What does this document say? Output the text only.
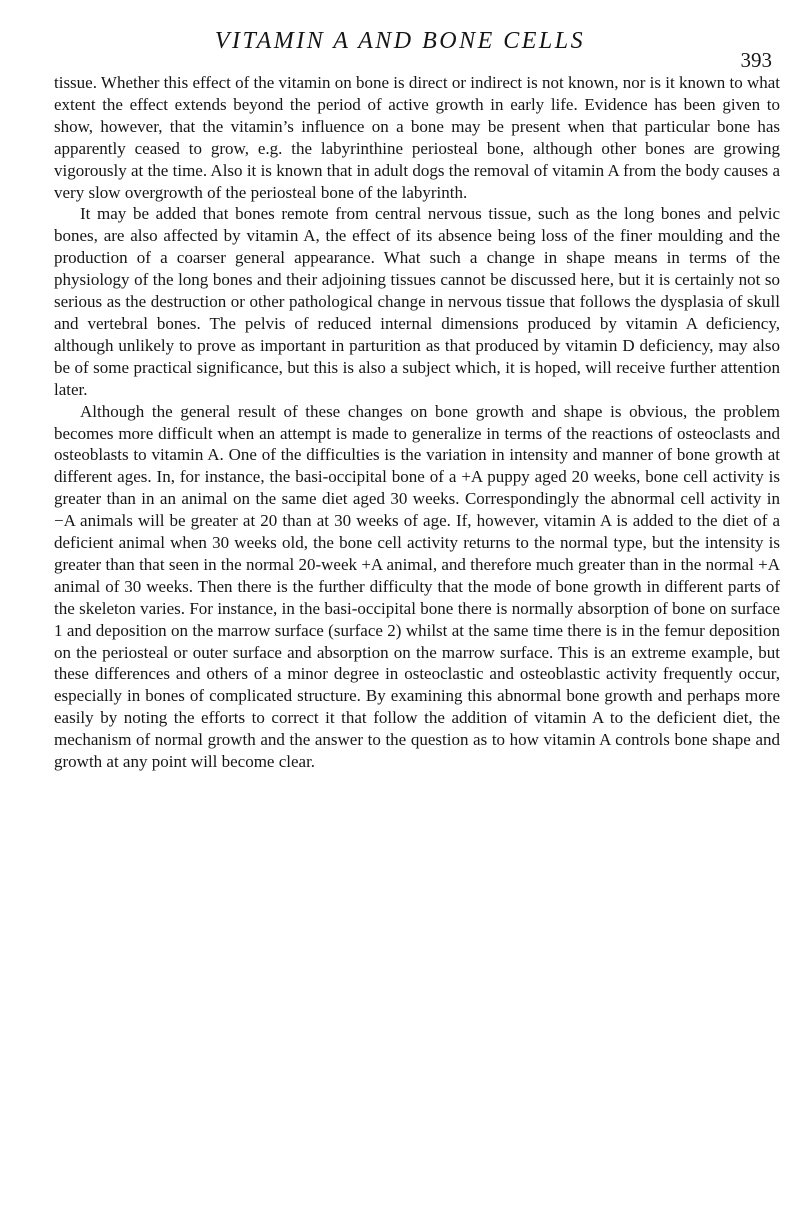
VITAMIN A AND BONE CELLS
393

tissue. Whether this effect of the vitamin on bone is direct or indirect is not known, nor is it known to what extent the effect extends beyond the period of active growth in early life. Evidence has been given to show, however, that the vitamin’s influence on a bone may be present when that particular bone has apparently ceased to grow, e.g. the labyrinthine periosteal bone, although other bones are growing vigorously at the time. Also it is known that in adult dogs the removal of vitamin A from the body causes a very slow overgrowth of the periosteal bone of the labyrinth.

It may be added that bones remote from central nervous tissue, such as the long bones and pelvic bones, are also affected by vitamin A, the effect of its absence being loss of the finer moulding and the production of a coarser general appearance. What such a change in shape means in terms of the physiology of the long bones and their adjoining tissues cannot be discussed here, but it is certainly not so serious as the destruction or other pathological change in nervous tissue that follows the dysplasia of skull and vertebral bones. The pelvis of reduced internal dimensions produced by vitamin A deficiency, although unlikely to prove as important in parturition as that produced by vitamin D deficiency, may also be of some practical significance, but this is also a subject which, it is hoped, will receive further attention later.

Although the general result of these changes on bone growth and shape is obvious, the problem becomes more difficult when an attempt is made to generalize in terms of the reactions of osteoclasts and osteoblasts to vitamin A. One of the difficulties is the variation in intensity and manner of bone growth at different ages. In, for instance, the basi-occipital bone of a +A puppy aged 20 weeks, bone cell activity is greater than in an animal on the same diet aged 30 weeks. Correspondingly the abnormal cell activity in −A animals will be greater at 20 than at 30 weeks of age. If, however, vitamin A is added to the diet of a deficient animal when 30 weeks old, the bone cell activity returns to the normal type, but the intensity is greater than that seen in the normal 20-week +A animal, and therefore much greater than in the normal +A animal of 30 weeks. Then there is the further difficulty that the mode of bone growth in different parts of the skeleton varies. For instance, in the basi-occipital bone there is normally absorption of bone on surface 1 and deposition on the marrow surface (surface 2) whilst at the same time there is in the femur deposition on the periosteal or outer surface and absorption on the marrow surface. This is an extreme example, but these differences and others of a minor degree in osteoclastic and osteoblastic activity frequently occur, especially in bones of complicated structure. By examining this abnormal bone growth and perhaps more easily by noting the efforts to correct it that follow the addition of vitamin A to the deficient diet, the mechanism of normal growth and the answer to the question as to how vitamin A controls bone shape and growth at any point will become clear.
